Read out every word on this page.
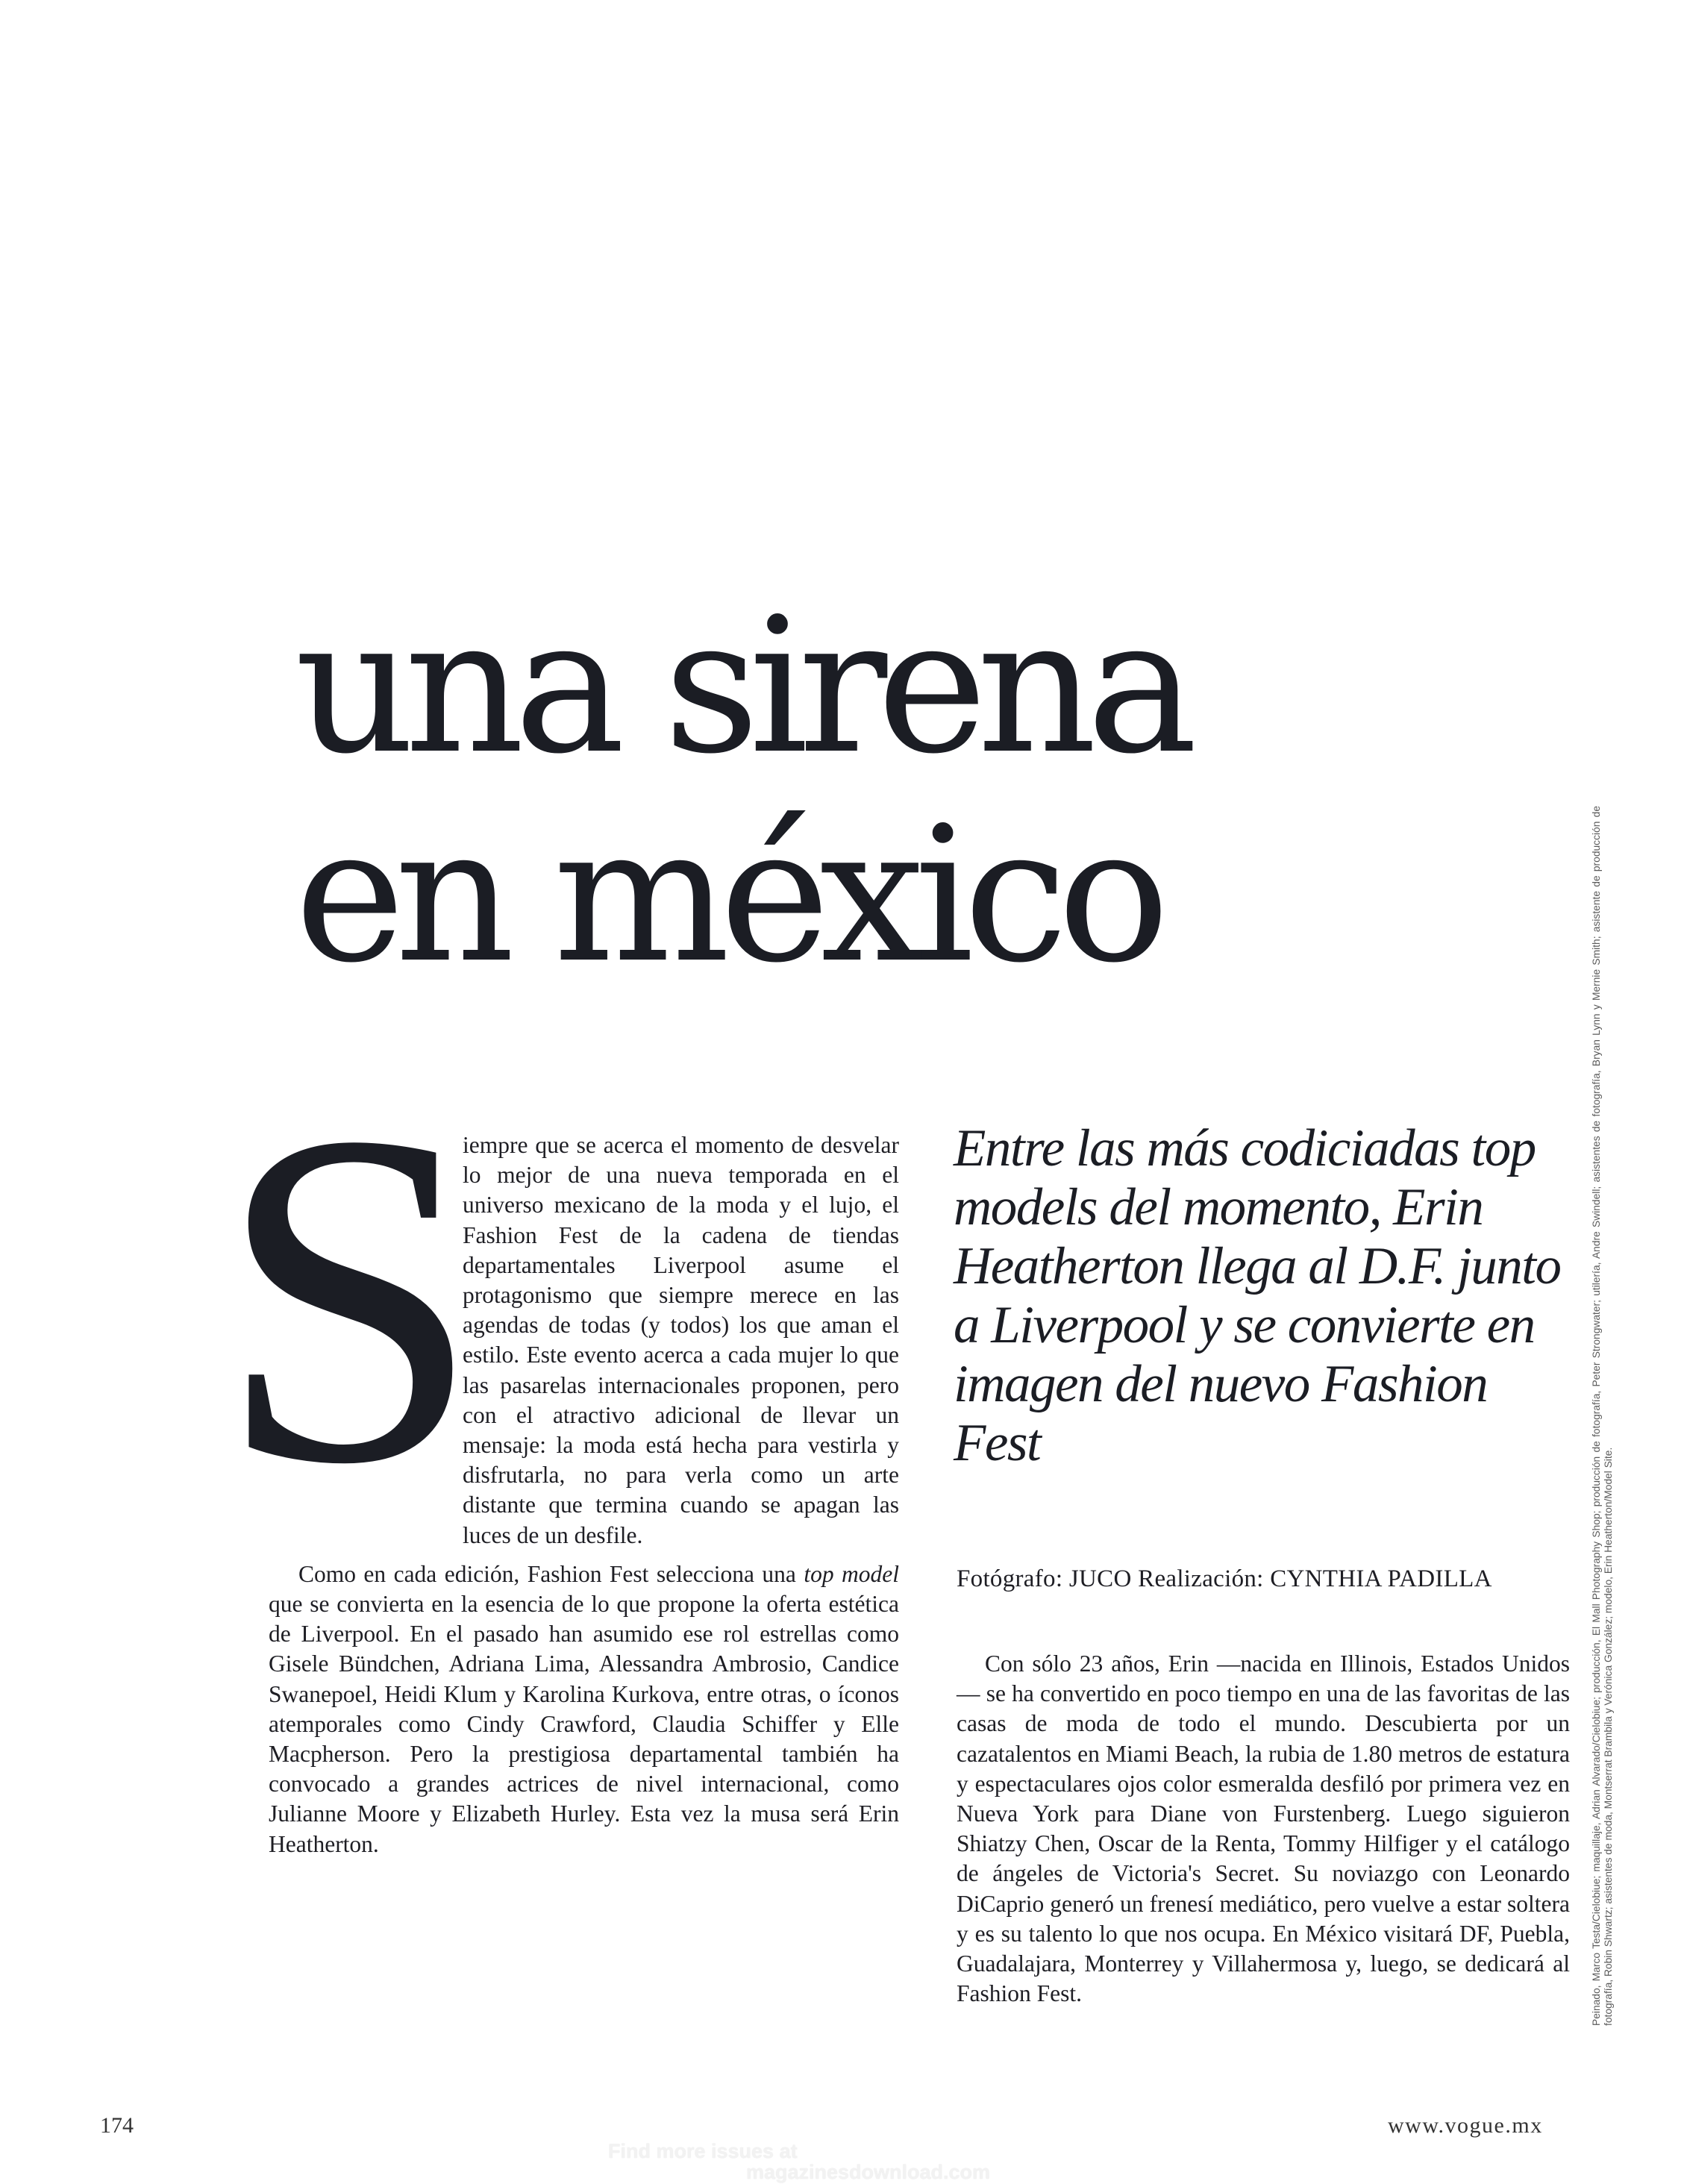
una sirena
en méxico
S

iempre que se acerca el momento de desvelar lo mejor de una nueva temporada en el universo mexicano de la moda y el lujo, el Fashion Fest de la cadena de tiendas departamentales Liverpool asume el protagonismo que siempre merece en las agendas de todas (y todos) los que aman el estilo. Este evento acerca a cada mujer lo que las pasarelas internacionales proponen, pero con el atractivo adicional de llevar un mensaje: la moda está hecha para vestirla y disfrutarla, no para verla como un arte distante que termina cuando se apagan las luces de un desfile.

Como en cada edición, Fashion Fest selecciona una top model que se convierta en la esencia de lo que propone la oferta estética de Liverpool. En el pasado han asumido ese rol estrellas como Gisele Bündchen, Adriana Lima, Alessandra Ambrosio, Candice Swanepoel, Heidi Klum y Karolina Kurkova, entre otras, o íconos atemporales como Cindy Crawford, Claudia Schiffer y Elle Macpherson. Pero la prestigiosa departamental también ha convocado a grandes actrices de nivel internacional, como Julianne Moore y Elizabeth Hurley. Esta vez la musa será Erin Heatherton.

Entre las más codiciadas top models del momento, Erin Heatherton llega al D.F. junto a Liverpool y se convierte en imagen del nuevo Fashion Fest

Fotógrafo: JUCO Realización: CYNTHIA PADILLA

Con sólo 23 años, Erin —nacida en Illinois, Estados Unidos— se ha convertido en poco tiempo en una de las favoritas de las casas de moda de todo el mundo. Descubierta por un cazatalentos en Miami Beach, la rubia de 1.80 metros de estatura y espectaculares ojos color esmeralda desfiló por primera vez en Nueva York para Diane von Furstenberg. Luego siguieron Shiatzy Chen, Oscar de la Renta, Tommy Hilfiger y el catálogo de ángeles de Victoria's Secret. Su noviazgo con Leonardo DiCaprio generó un frenesí mediático, pero vuelve a estar soltera y es su talento lo que nos ocupa. En México visitará DF, Puebla, Guadalajara, Monterrey y Villahermosa y, luego, se dedicará al Fashion Fest.	Peinado, Marco Testa/Cielobiue; maquillaje, Adrian Alvarado/Cielobiue; producción, El Mall Photography Shop; producción de fotografía, Peter Strongwater; utilería, Andre Swindell; asistentes de fotografía, Bryan Lynn y Mernie Smith; asistente de producción de fotografía, Robin Shwartz; asistentes de moda, Montserrat Brambila y Verónica González; modelo, Erin Heatherton/Model Site.

174	www.vogue.mx

Find more issues at

magazinesdownload.com
